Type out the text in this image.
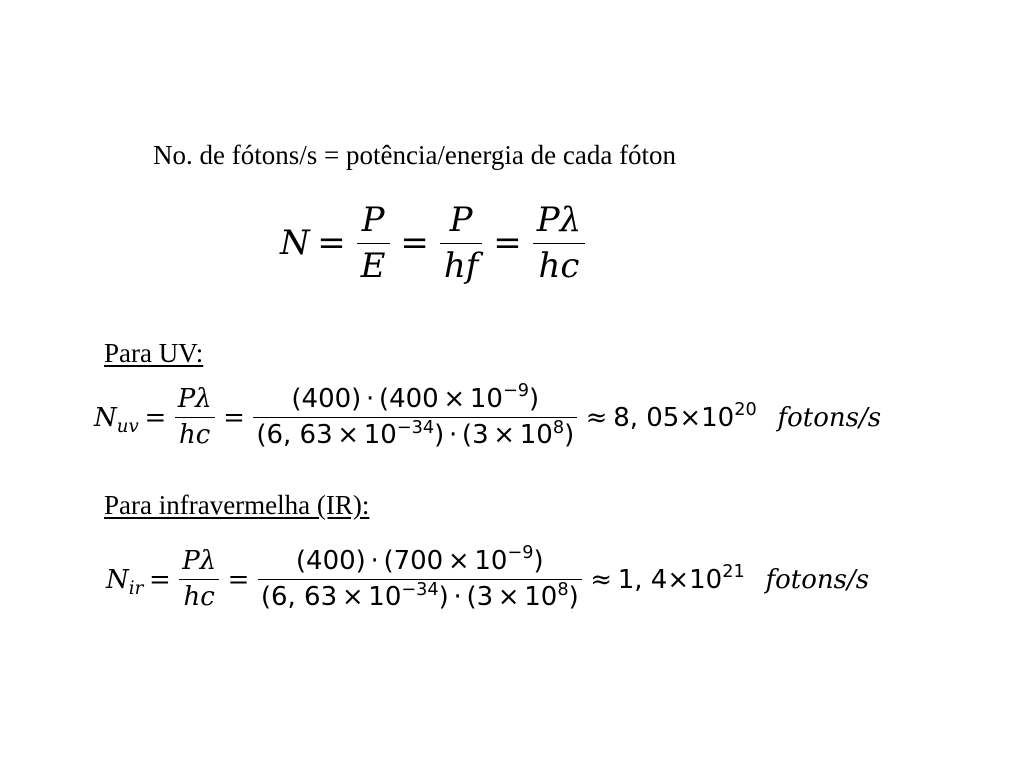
No. de fótons/s = potência/energia de cada fóton
$N = \frac{P}{E} = \frac{P}{hf} = \frac{P\lambda}{hc}$
Para UV:
$N_{uv} = \frac{P\lambda}{hc} = \frac{(400) \cdot (400 \times 10^{-9})}{(6, 63 \times 10^{-34}) \cdot (3 \times 10^8)} \approx 8$, $05\times 10^{20}$ fotons/s
Para infravermelha (IR):
$N_{ir} = \frac{P\lambda}{hc} = \frac{(400) \cdot (700 \times 10^{-9})}{(6, 63 \times 10^{-34}) \cdot (3 \times 10^8)} \approx 1$, $4\times 10^{21}$ fotons/s
